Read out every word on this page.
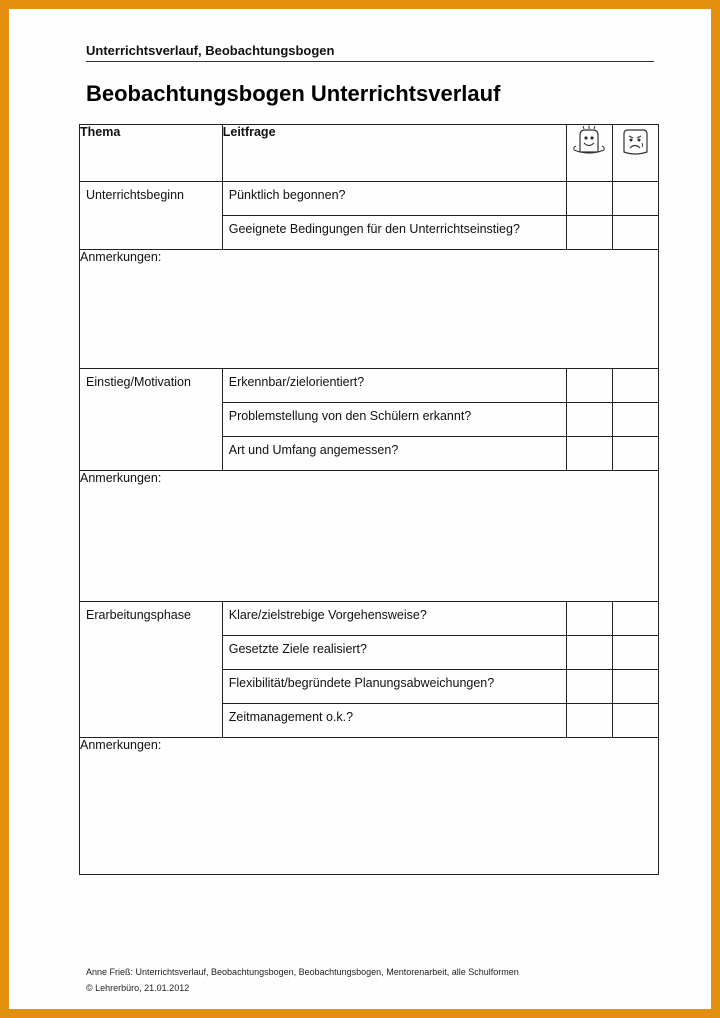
Unterrichtsverlauf, Beobachtungsbogen
Beobachtungsbogen Unterrichtsverlauf
Thema	Leitfrage	

Unterrichtsbeginn	Pünktlich begonnen?		

	Geeignete Bedingungen für den Unterrichtseinstieg?		

Anmerkungen:			

Einstieg/Motivation	Erkennbar/zielorientiert?		

	Problemstellung von den Schülern erkannt?		

	Art und Umfang angemessen?		

Anmerkungen:			

Erarbeitungsphase	Klare/zielstrebige Vorgehensweise?		

	Gesetzte Ziele realisiert?		

	Flexibilität/begründete Planungsabweichungen?		

	Zeitmanagement o.k.?		

Anmerkungen:			
Anne Frieß: Unterrichtsverlauf, Beobachtungsbogen, Beobachtungsbogen, Mentorenarbeit, alle Schulformen
© Lehrerbüro, 21.01.2012
